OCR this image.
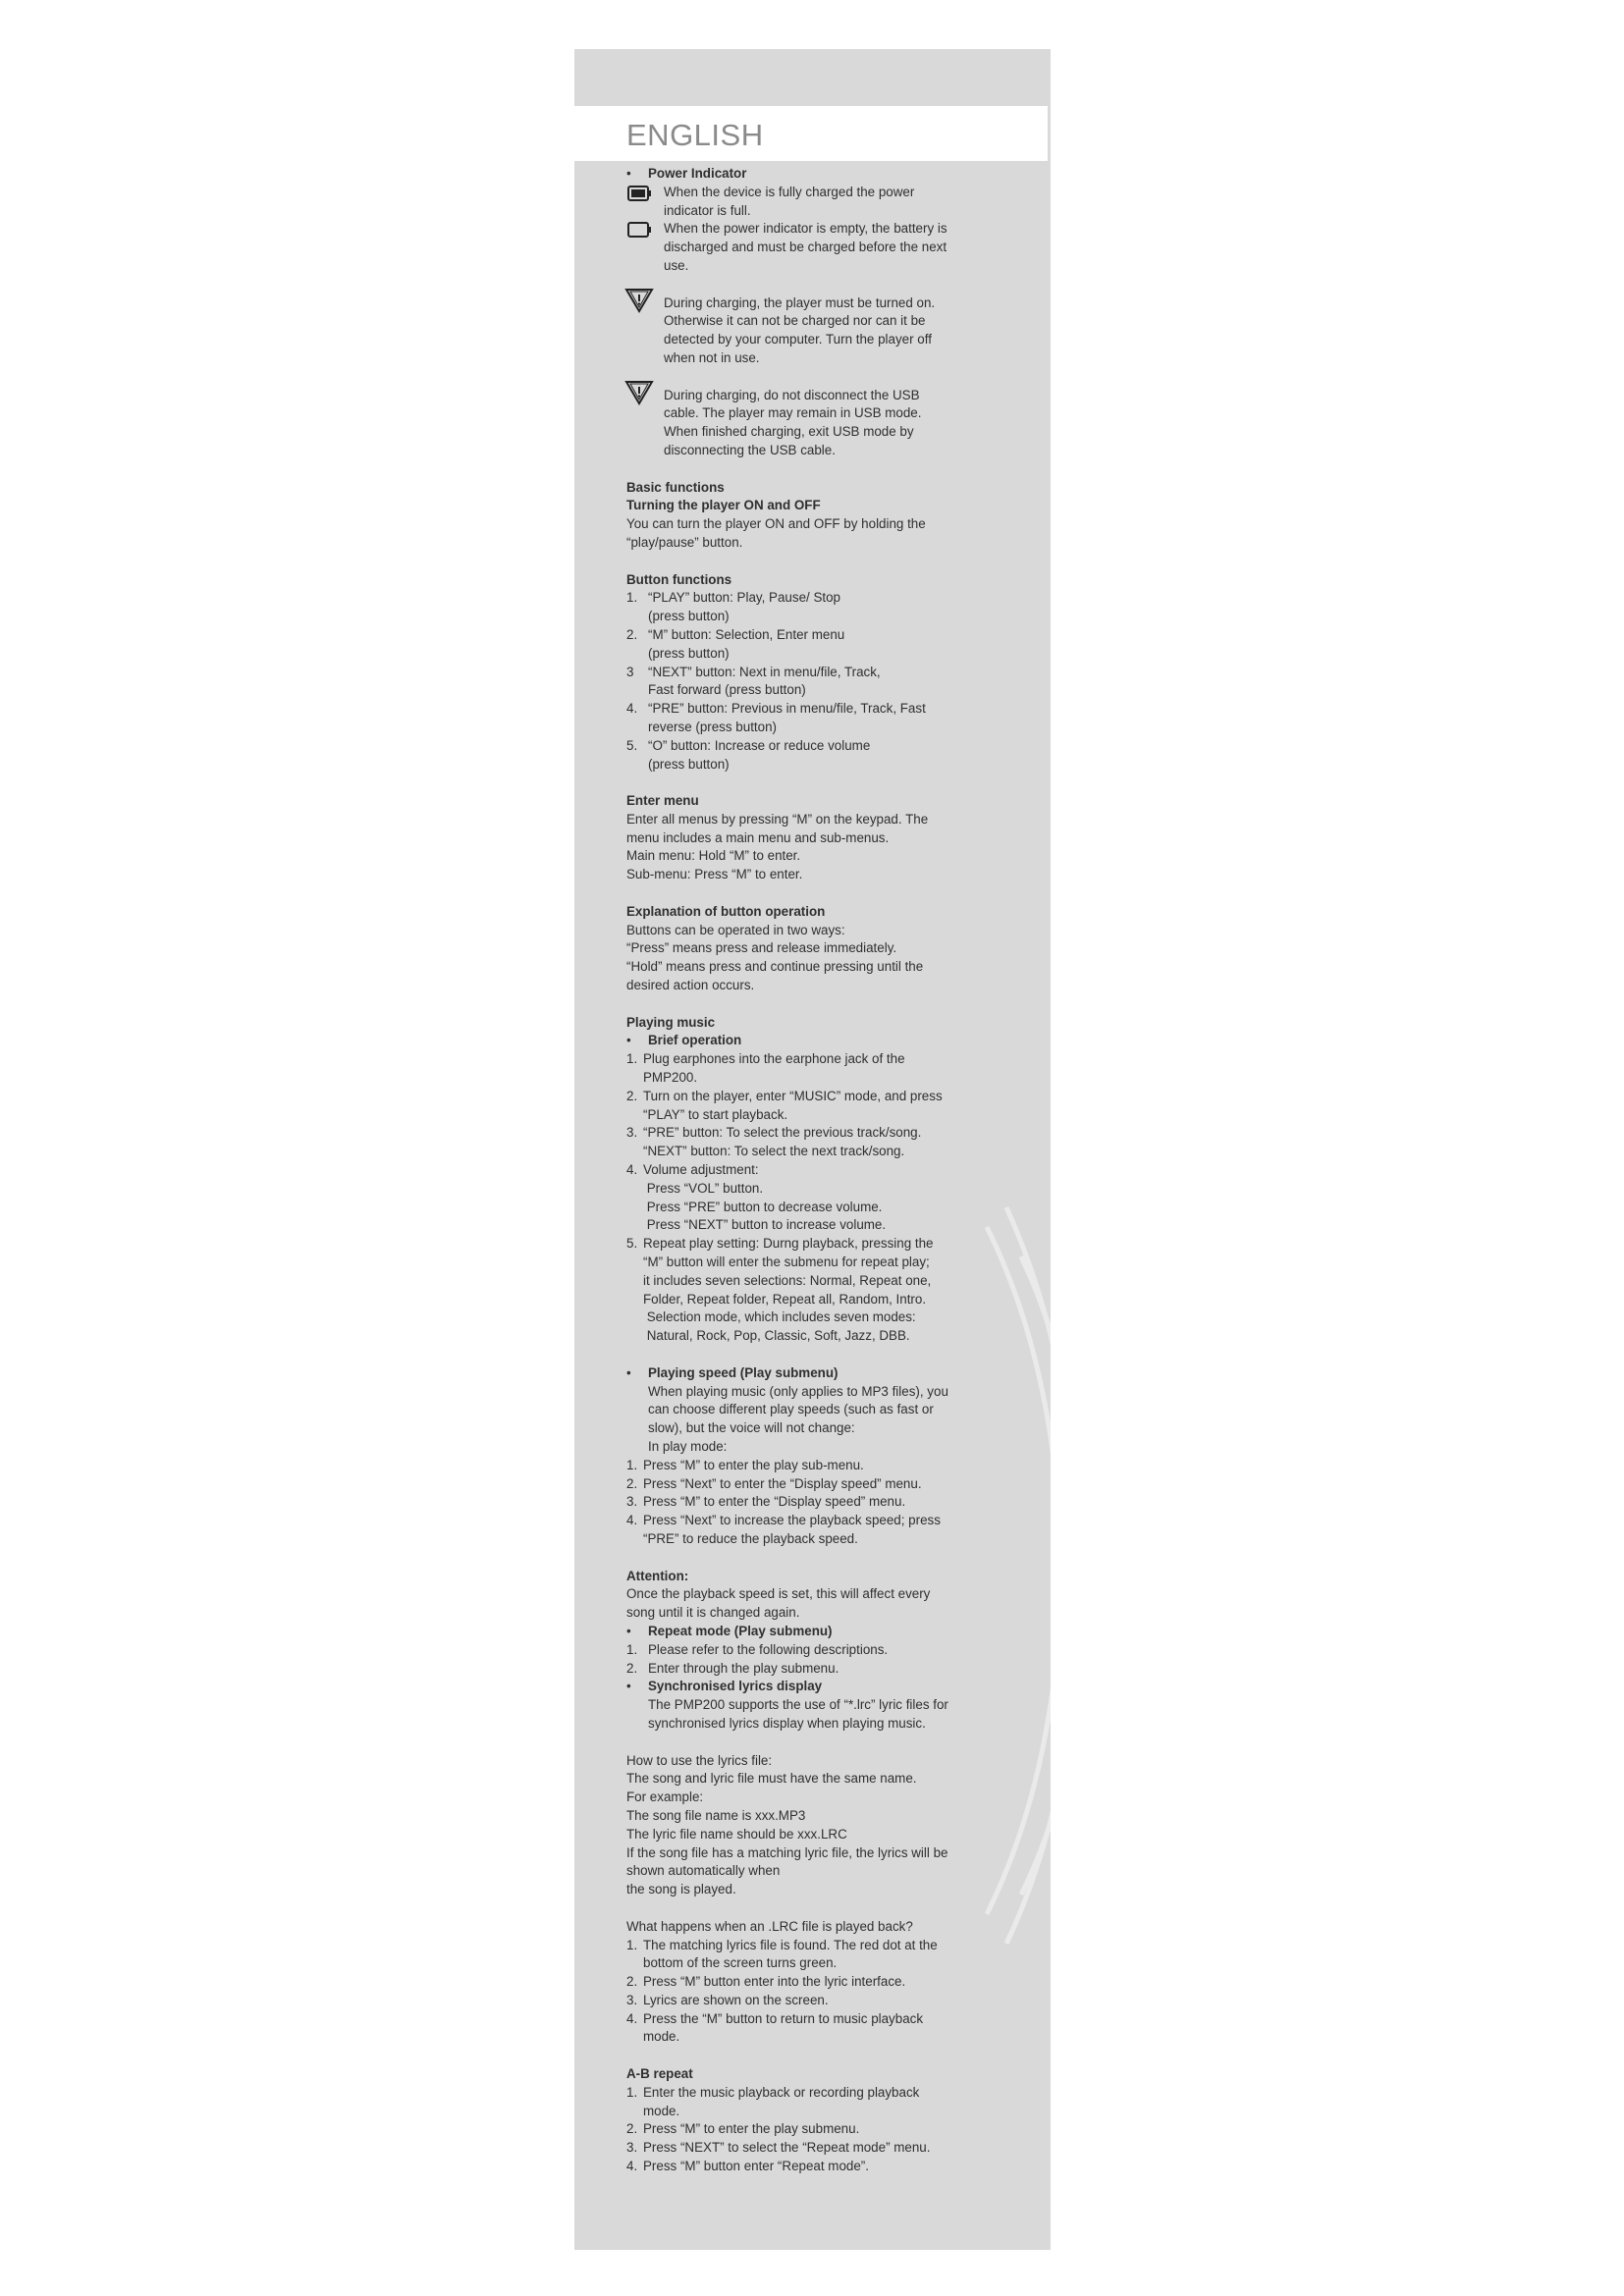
ENGLISH
• Power Indicator

When the device is fully charged the power

indicator is full.

When the power indicator is empty, the battery is

discharged and must be charged before the next

use.

During charging, the player must be turned on.

Otherwise it can not be charged nor can it be

detected by your computer. Turn the player off

when not in use.

During charging, do not disconnect the USB

cable. The player may remain in USB mode.

When finished charging, exit USB mode by

disconnecting the USB cable.

Basic functions

Turning the player ON and OFF

You can turn the player ON and OFF by holding the

“play/pause” button.

Button functions

1. “PLAY” button: Play, Pause/ Stop

(press button)

2. “M” button: Selection, Enter menu

(press button)

3 “NEXT” button: Next in menu/file, Track,

Fast forward (press button)

4. “PRE” button: Previous in menu/file, Track, Fast

reverse (press button)

5. “O” button: Increase or reduce volume

(press button)

Enter menu

Enter all menus by pressing “M” on the keypad. The

menu includes a main menu and sub-menus.

Main menu: Hold “M” to enter.

Sub-menu: Press “M” to enter.

Explanation of button operation

Buttons can be operated in two ways:

“Press” means press and release immediately.

“Hold” means press and continue pressing until the

desired action occurs.

Playing music

• Brief operation

1. Plug earphones into the earphone jack of the

PMP200.

2. Turn on the player, enter “MUSIC” mode, and press

“PLAY” to start playback.

3. “PRE” button: To select the previous track/song.

“NEXT” button: To select the next track/song.

4. Volume adjustment:

Press “VOL” button.

Press “PRE” button to decrease volume.

Press “NEXT” button to increase volume.

5. Repeat play setting: Durng playback, pressing the

“M” button will enter the submenu for repeat play;

it includes seven selections: Normal, Repeat one,

Folder, Repeat folder, Repeat all, Random, Intro.

Selection mode, which includes seven modes:

Natural, Rock, Pop, Classic, Soft, Jazz, DBB.

• Playing speed (Play submenu)

When playing music (only applies to MP3 files), you

can choose different play speeds (such as fast or

slow), but the voice will not change:

In play mode:

1. Press “M” to enter the play sub-menu.

2. Press “Next” to enter the “Display speed” menu.

3. Press “M” to enter the “Display speed” menu.

4. Press “Next” to increase the playback speed; press

“PRE” to reduce the playback speed.

Attention:

Once the playback speed is set, this will affect every

song until it is changed again.

• Repeat mode (Play submenu)

1. Please refer to the following descriptions.

2. Enter through the play submenu.

• Synchronised lyrics display

The PMP200 supports the use of “*.lrc” lyric files for

synchronised lyrics display when playing music.

How to use the lyrics file:

The song and lyric file must have the same name.

For example:

The song file name is xxx.MP3

The lyric file name should be xxx.LRC

If the song file has a matching lyric file, the lyrics will be

shown automatically when

the song is played.

What happens when an .LRC file is played back?

1. The matching lyrics file is found. The red dot at the

bottom of the screen turns green.

2. Press “M” button enter into the lyric interface.

3. Lyrics are shown on the screen.

4. Press the “M” button to return to music playback

mode.

A-B repeat

1. Enter the music playback or recording playback

mode.

2. Press “M” to enter the play submenu.

3. Press “NEXT” to select the “Repeat mode” menu.

4. Press “M” button enter “Repeat mode”.
